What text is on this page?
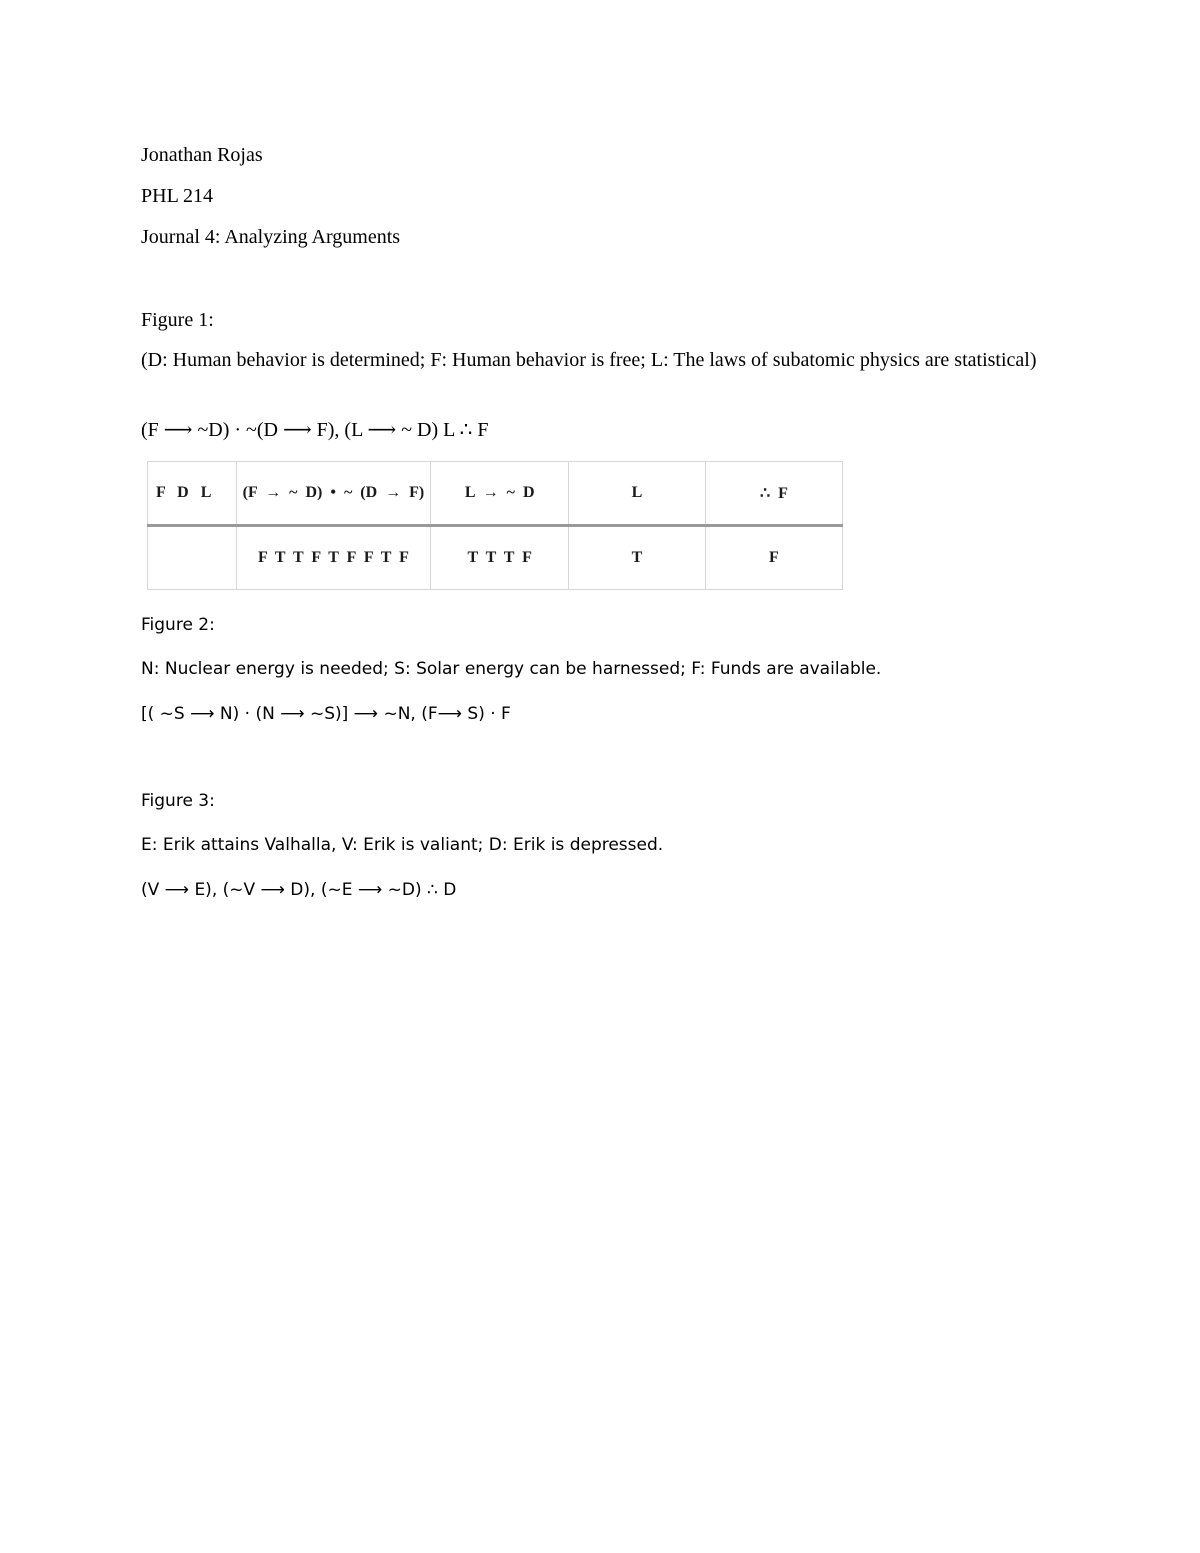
Jonathan Rojas
PHL 214
Journal 4: Analyzing Arguments
Figure 1:
(D: Human behavior is determined; F: Human behavior is free; L: The laws of subatomic physics are statistical)
(F ⟶ ~D) · ~(D ⟶ F), (L ⟶ ~ D) L ∴ F
F D L	(F → ~ D) • ~ (D → F)	L → ~ D	L	∴ F
	F T T F T F F T F	T T T F	T	F
Figure 2:
N: Nuclear energy is needed; S: Solar energy can be harnessed; F: Funds are available.
[( ~S ⟶ N) · (N ⟶ ~S)] ⟶ ~N, (F⟶ S) · F
Figure 3:
E: Erik attains Valhalla, V: Erik is valiant; D: Erik is depressed.
(V ⟶ E), (~V ⟶ D), (~E ⟶ ~D) ∴ D
